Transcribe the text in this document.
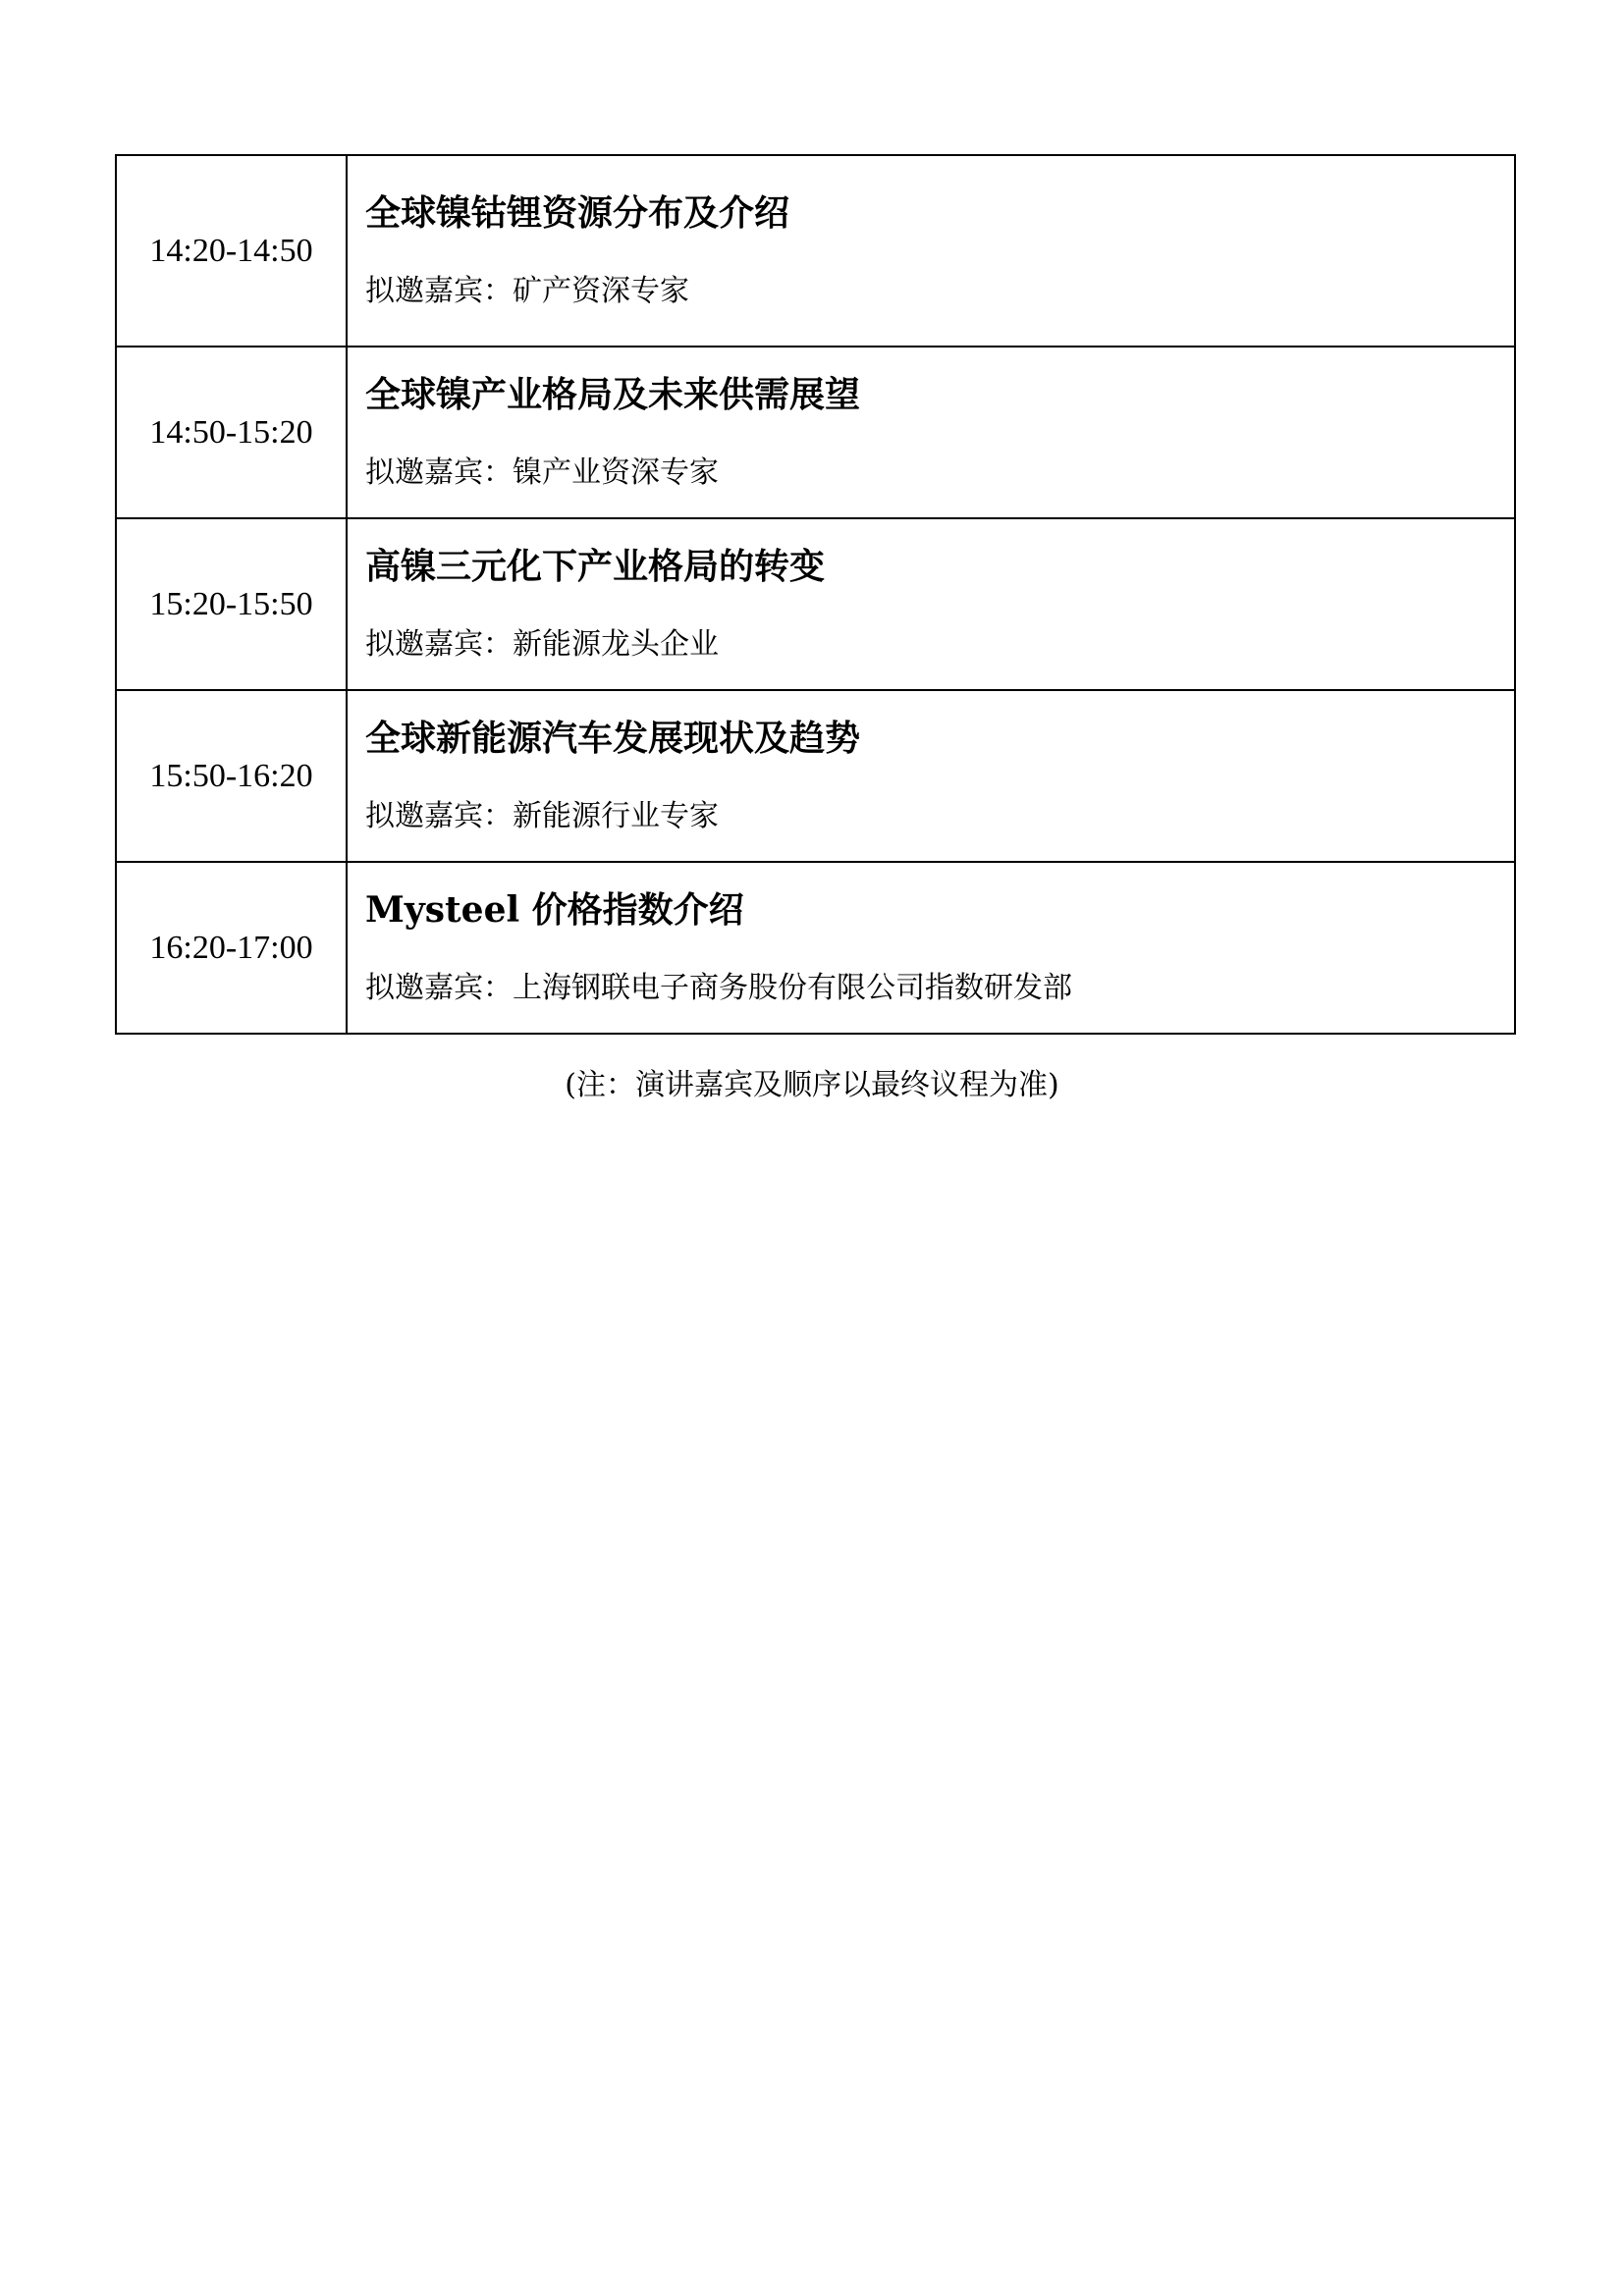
14:20-14:50	全球镍钴锂资源分布及介绍
拟邀嘉宾：矿产资深专家

14:50-15:20	全球镍产业格局及未来供需展望
拟邀嘉宾：镍产业资深专家

15:20-15:50	高镍三元化下产业格局的转变
拟邀嘉宾：新能源龙头企业

15:50-16:20	全球新能源汽车发展现状及趋势
拟邀嘉宾：新能源行业专家

16:20-17:00	Mysteel 价格指数介绍
拟邀嘉宾：上海钢联电子商务股份有限公司指数研发部
(注：演讲嘉宾及顺序以最终议程为准)
